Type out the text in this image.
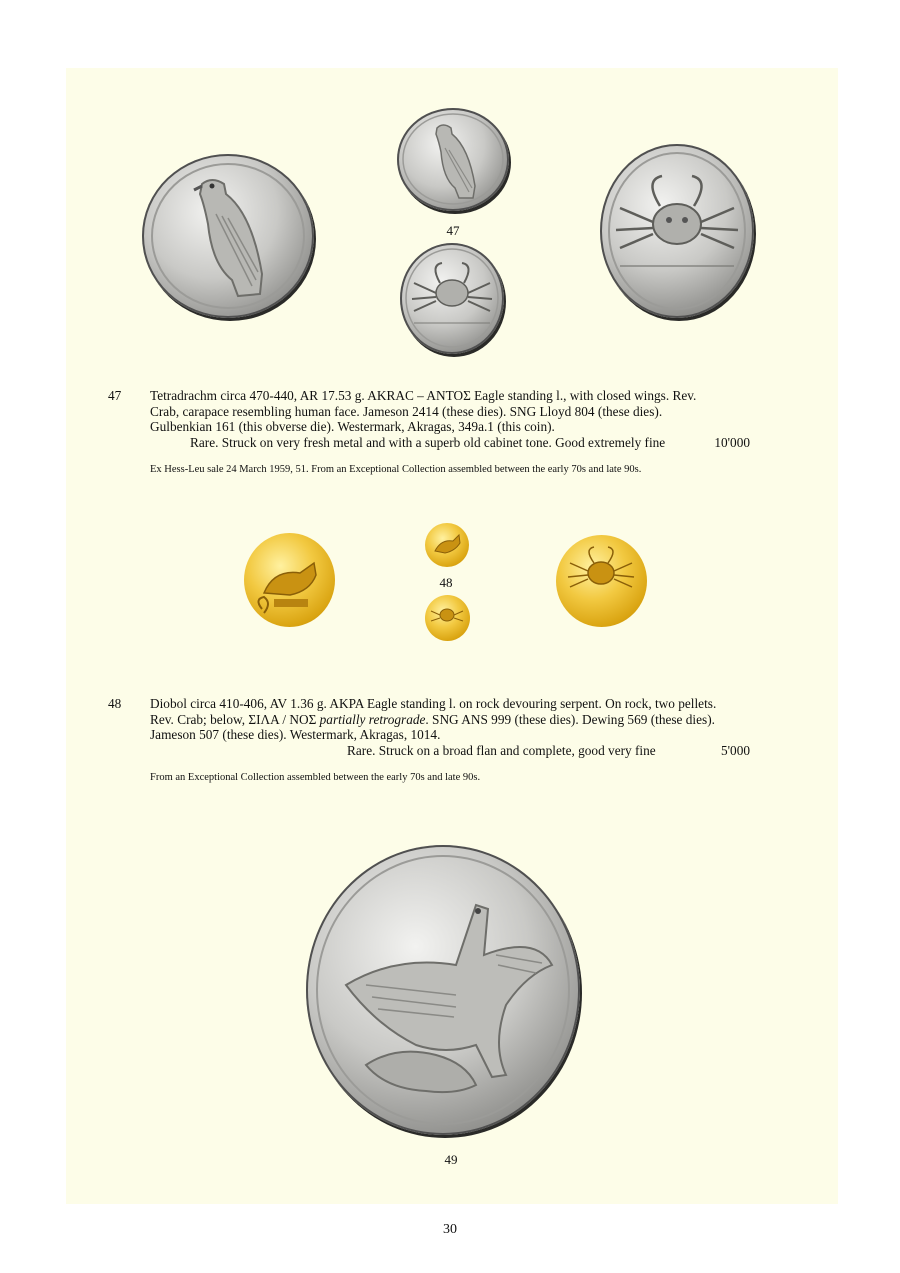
47
47 Tetradrachm circa 470-440, AR 17.53 g. AKRAC – ANTOΣ Eagle standing l., with closed wings. Rev.
Crab, carapace resembling human face. Jameson 2414 (these dies). SNG Lloyd 804 (these dies).
Gulbenkian 161 (this obverse die). Westermark, Akragas, 349a.1 (this coin).
Rare. Struck on very fresh metal and with a superb old cabinet tone. Good extremely fine	10'000
Ex Hess-Leu sale 24 March 1959, 51. From an Exceptional Collection assembled between the early 70s and late 90s.
48
48 Diobol circa 410-406, AV 1.36 g. AKPA Eagle standing l. on rock devouring serpent. On rock, two pellets.
Rev. Crab; below, ΣIΛA / NOΣ partially retrograde. SNG ANS 999 (these dies). Dewing 569 (these dies).
Jameson 507 (these dies). Westermark, Akragas, 1014.
Rare. Struck on a broad flan and complete, good very fine	5'000
From an Exceptional Collection assembled between the early 70s and late 90s.
49
30
